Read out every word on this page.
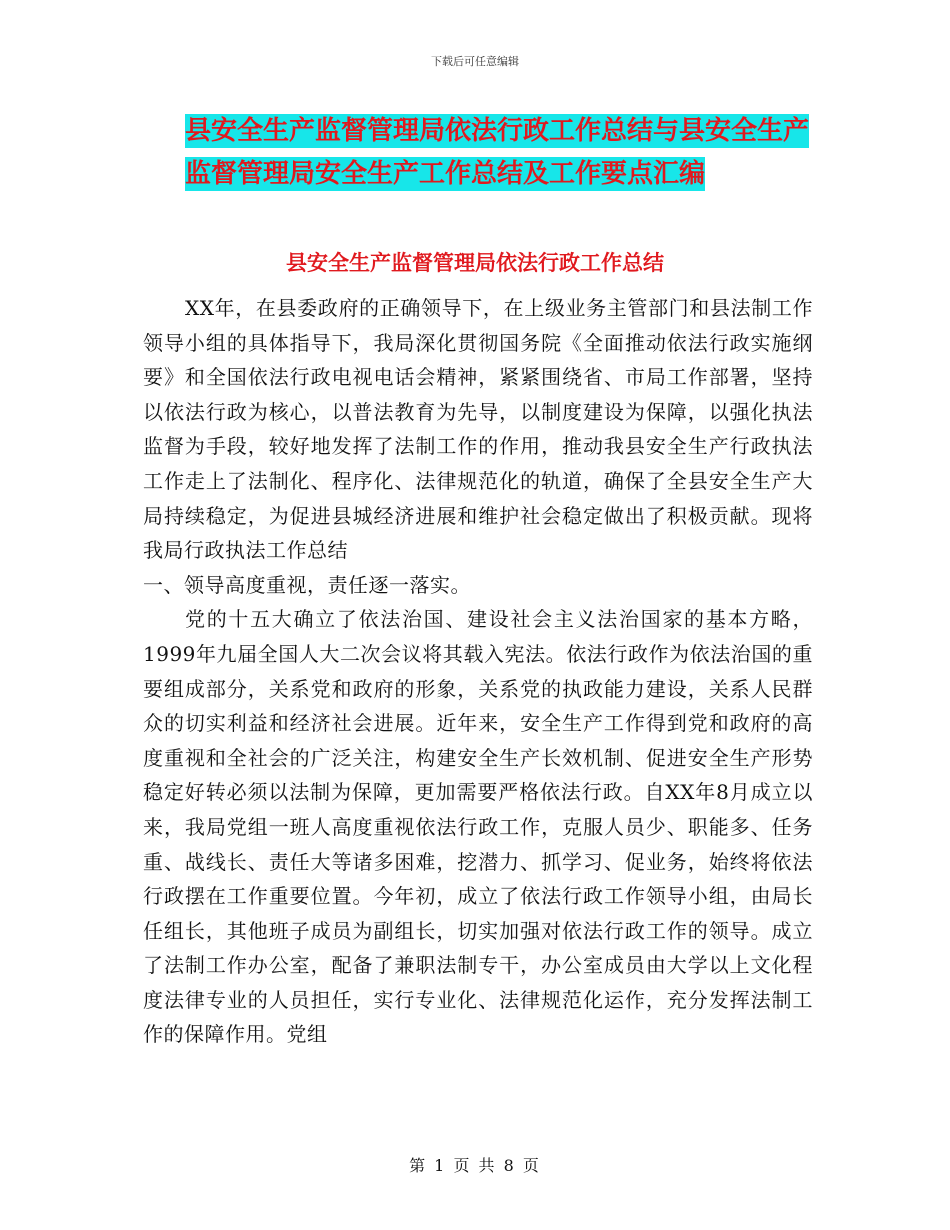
下载后可任意编辑
县安全生产监督管理局依法行政工作总结与县安全生产监督管理局安全生产工作总结及工作要点汇编
县安全生产监督管理局依法行政工作总结

XX年，在县委政府的正确领导下，在上级业务主管部门和县法制工作领导小组的具体指导下，我局深化贯彻国务院《全面推动依法行政实施纲要》和全国依法行政电视电话会精神，紧紧围绕省、市局工作部署，坚持以依法行政为核心，以普法教育为先导，以制度建设为保障，以强化执法监督为手段，较好地发挥了法制工作的作用，推动我县安全生产行政执法工作走上了法制化、程序化、法律规范化的轨道，确保了全县安全生产大局持续稳定，为促进县城经济进展和维护社会稳定做出了积极贡献。现将我局行政执法工作总结

一、领导高度重视，责任逐一落实。

党的十五大确立了依法治国、建设社会主义法治国家的基本方略，1999年九届全国人大二次会议将其载入宪法。依法行政作为依法治国的重要组成部分，关系党和政府的形象，关系党的执政能力建设，关系人民群众的切实利益和经济社会进展。近年来，安全生产工作得到党和政府的高度重视和全社会的广泛关注，构建安全生产长效机制、促进安全生产形势稳定好转必须以法制为保障，更加需要严格依法行政。自XX年8月成立以来，我局党组一班人高度重视依法行政工作，克服人员少、职能多、任务重、战线长、责任大等诸多困难，挖潜力、抓学习、促业务，始终将依法行政摆在工作重要位置。今年初，成立了依法行政工作领导小组，由局长任组长，其他班子成员为副组长，切实加强对依法行政工作的领导。成立了法制工作办公室，配备了兼职法制专干，办公室成员由大学以上文化程度法律专业的人员担任，实行专业化、法律规范化运作，充分发挥法制工作的保障作用。党组

第 1 页 共 8 页
